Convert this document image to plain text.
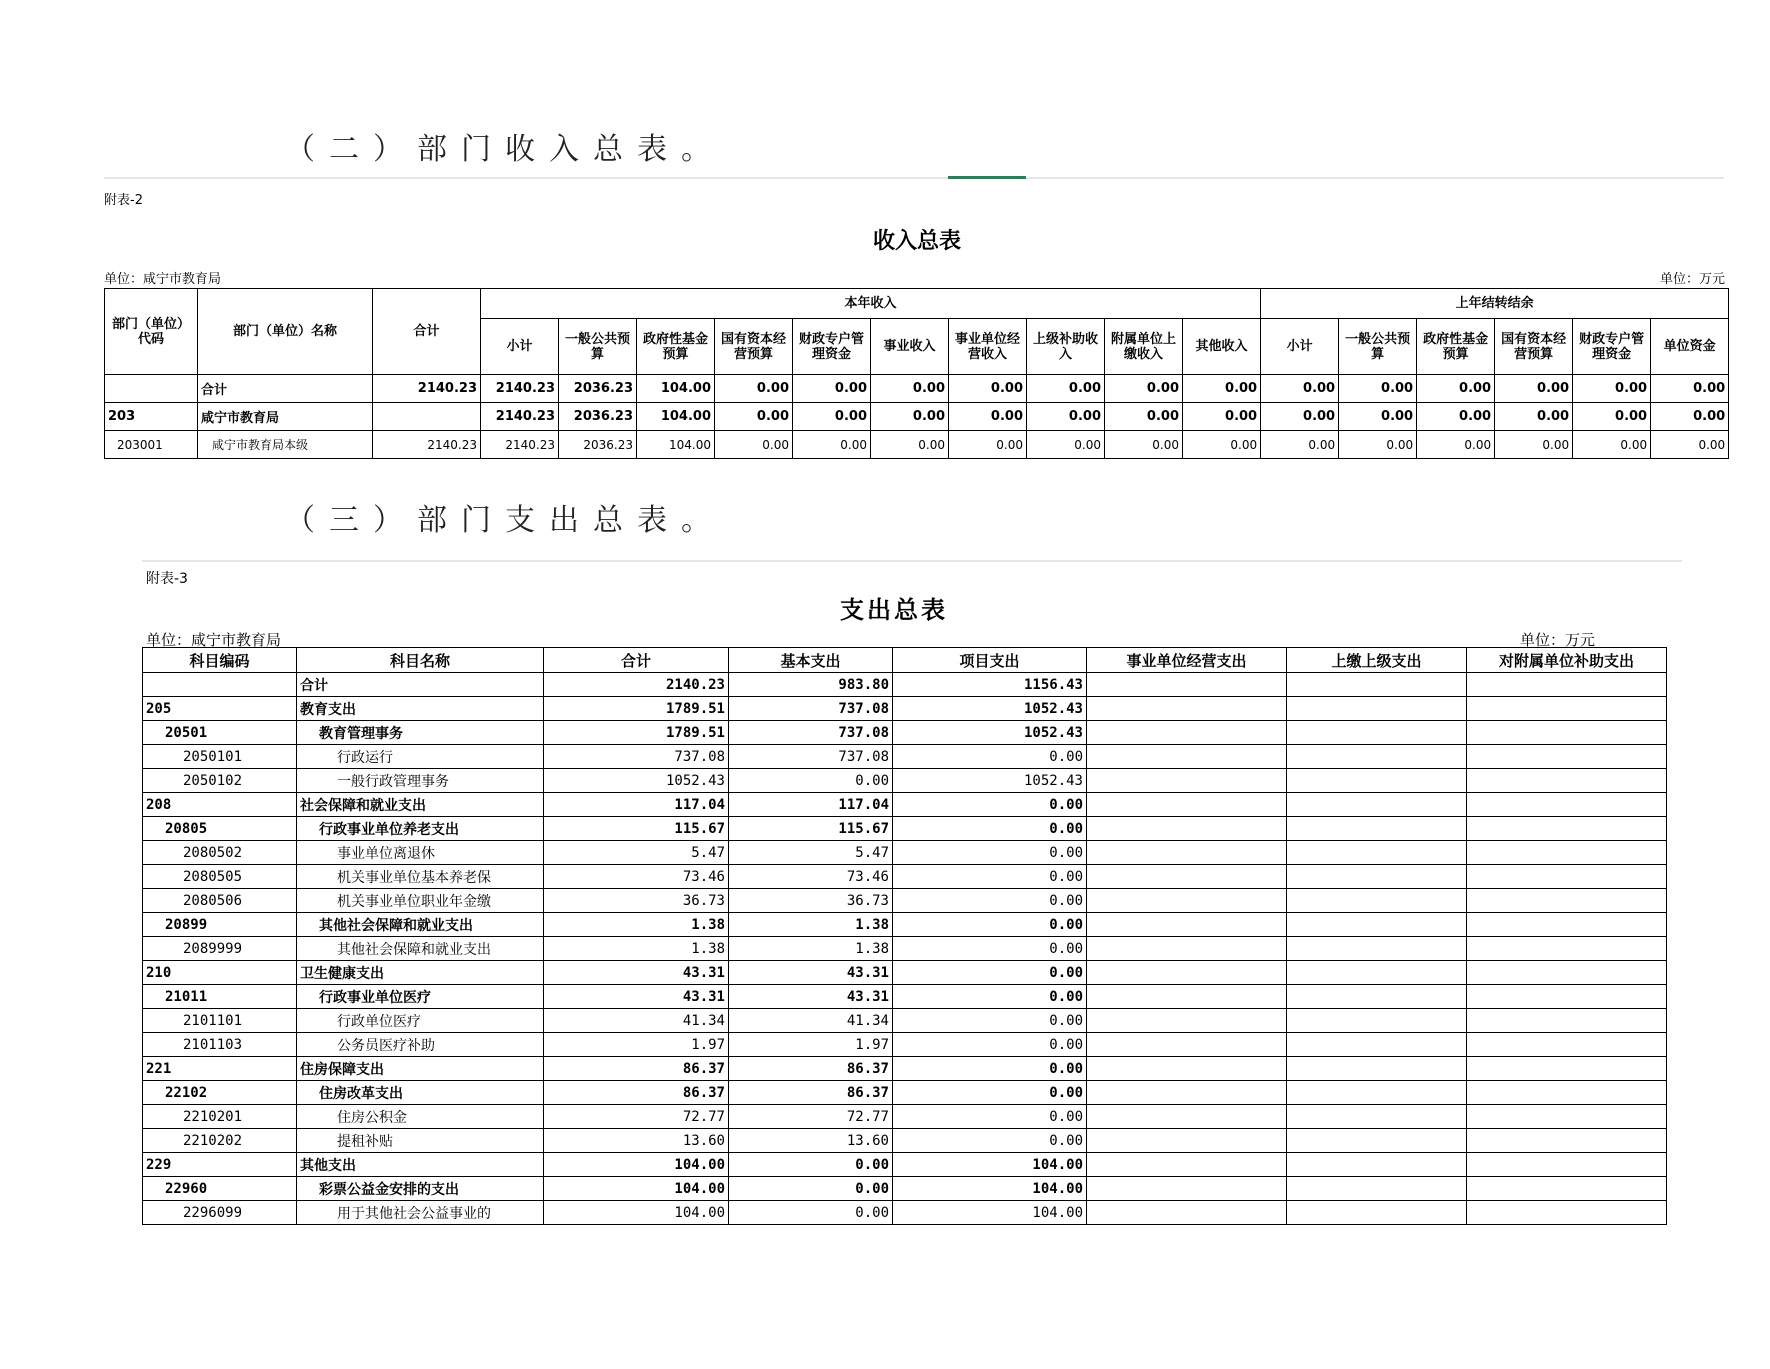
（二）部门收入总表。
附表-2
收入总表
单位：咸宁市教育局	单位：万元
部门（单位）代码	部门（单位）名称	合计	本年收入										上年结转结余					
			小计	一般公共预算	政府性基金预算	国有资本经营预算	财政专户管理资金	事业收入	事业单位经营收入	上级补助收入	附属单位上缴收入	其他收入	小计	一般公共预算	政府性基金预算	国有资本经营预算	财政专户管理资金	单位资金
	合计	2140.23	2140.23	2036.23	104.00	0.00	0.00	0.00	0.00	0.00	0.00	0.00	0.00	0.00	0.00	0.00	0.00	0.00
203	咸宁市教育局		2140.23	2036.23	104.00	0.00	0.00	0.00	0.00	0.00	0.00	0.00	0.00	0.00	0.00	0.00	0.00	0.00
203001	咸宁市教育局本级	2140.23	2140.23	2036.23	104.00	0.00	0.00	0.00	0.00	0.00	0.00	0.00	0.00	0.00	0.00	0.00	0.00	0.00
（三）部门支出总表。
附表-3
支出总表
单位：咸宁市教育局	单位：万元
科目编码	科目名称	合计	基本支出	项目支出	事业单位经营支出	上缴上级支出	对附属单位补助支出
	合计	2140.23	983.80	1156.43			
205	教育支出	1789.51	737.08	1052.43			
20501	教育管理事务	1789.51	737.08	1052.43			
2050101	行政运行	737.08	737.08	0.00			
2050102	一般行政管理事务	1052.43	0.00	1052.43			
208	社会保障和就业支出	117.04	117.04	0.00			
20805	行政事业单位养老支出	115.67	115.67	0.00			
2080502	事业单位离退休	5.47	5.47	0.00			
2080505	机关事业单位基本养老保	73.46	73.46	0.00			
2080506	机关事业单位职业年金缴	36.73	36.73	0.00			
20899	其他社会保障和就业支出	1.38	1.38	0.00			
2089999	其他社会保障和就业支出	1.38	1.38	0.00			
210	卫生健康支出	43.31	43.31	0.00			
21011	行政事业单位医疗	43.31	43.31	0.00			
2101101	行政单位医疗	41.34	41.34	0.00			
2101103	公务员医疗补助	1.97	1.97	0.00			
221	住房保障支出	86.37	86.37	0.00			
22102	住房改革支出	86.37	86.37	0.00			
2210201	住房公积金	72.77	72.77	0.00			
2210202	提租补贴	13.60	13.60	0.00			
229	其他支出	104.00	0.00	104.00			
22960	彩票公益金安排的支出	104.00	0.00	104.00			
2296099	用于其他社会公益事业的	104.00	0.00	104.00			
